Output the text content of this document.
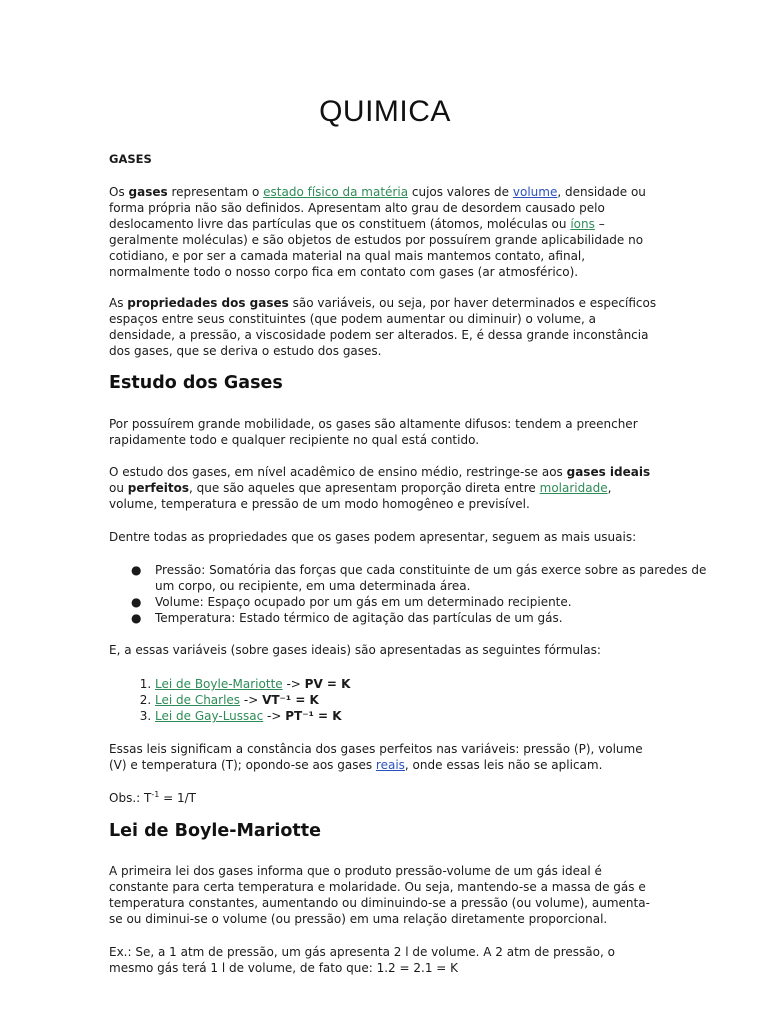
QUIMICA
GASES

Os gases representam o estado físico da matéria cujos valores de volume, densidade ou forma própria não são definidos. Apresentam alto grau de desordem causado pelo deslocamento livre das partículas que os constituem (átomos, moléculas ou íons – geralmente moléculas) e são objetos de estudos por possuírem grande aplicabilidade no cotidiano, e por ser a camada material na qual mais mantemos contato, afinal, normalmente todo o nosso corpo fica em contato com gases (ar atmosférico).

As propriedades dos gases são variáveis, ou seja, por haver determinados e específicos espaços entre seus constituintes (que podem aumentar ou diminuir) o volume, a densidade, a pressão, a viscosidade podem ser alterados. E, é dessa grande inconstância dos gases, que se deriva o estudo dos gases.

Estudo dos Gases

Por possuírem grande mobilidade, os gases são altamente difusos: tendem a preencher rapidamente todo e qualquer recipiente no qual está contido.

O estudo dos gases, em nível acadêmico de ensino médio, restringe-se aos gases ideais ou perfeitos, que são aqueles que apresentam proporção direta entre molaridade, volume, temperatura e pressão de um modo homogêneo e previsível.

Dentre todas as propriedades que os gases podem apresentar, seguem as mais usuais:

● Pressão: Somatória das forças que cada constituinte de um gás exerce sobre as paredes de um corpo, ou recipiente, em uma determinada área.
● Volume: Espaço ocupado por um gás em um determinado recipiente.
● Temperatura: Estado térmico de agitação das partículas de um gás.

E, a essas variáveis (sobre gases ideais) são apresentadas as seguintes fórmulas:

1. Lei de Boyle-Mariotte -> PV = K
2. Lei de Charles -> VT⁻¹ = K
3. Lei de Gay-Lussac -> PT⁻¹ = K

Essas leis significam a constância dos gases perfeitos nas variáveis: pressão (P), volume (V) e temperatura (T); opondo-se aos gases reais, onde essas leis não se aplicam.

Obs.: $T^{-1} = 1/T$

Lei de Boyle-Mariotte

A primeira lei dos gases informa que o produto pressão-volume de um gás ideal é constante para certa temperatura e molaridade. Ou seja, mantendo-se a massa de gás e temperatura constantes, aumentando ou diminuindo-se a pressão (ou volume), aumenta-se ou diminui-se o volume (ou pressão) em uma relação diretamente proporcional.

Ex.: Se, a 1 atm de pressão, um gás apresenta 2 l de volume. A 2 atm de pressão, o mesmo gás terá 1 l de volume, de fato que: 1.2 = 2.1 = K
